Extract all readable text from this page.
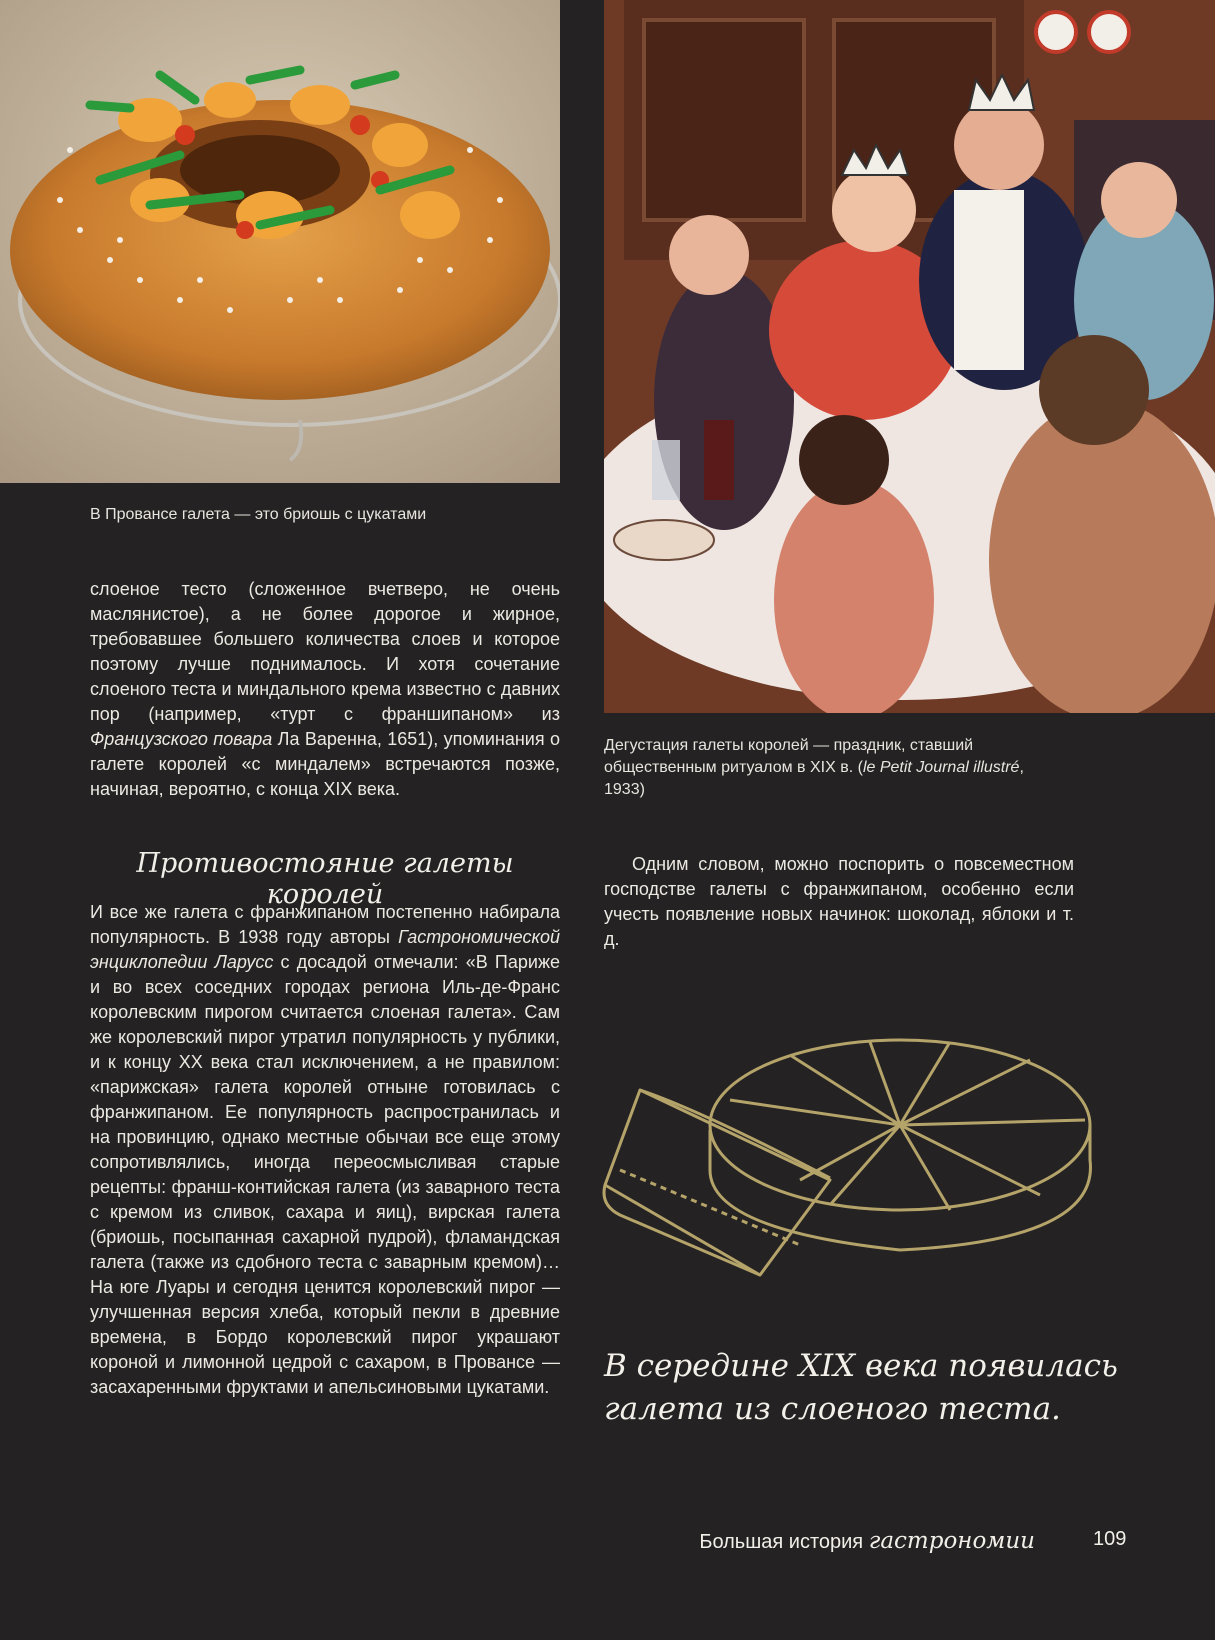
В Провансе галета — это бриошь с цукатами
Дегустация галеты королей — праздник, ставший общественным ритуалом в XIX в. (le Petit Journal illustré, 1933)

слоеное тесто (сложенное вчетверо, не очень маслянистое), а не более дорогое и жирное, требовавшее большего количества слоев и которое поэтому лучше поднималось. И хотя сочетание слоеного теста и миндального крема известно с давних пор (например, «турт с франшипаном» из Французского повара Ла Варенна, 1651), упоминания о галете королей «с миндалем» встречаются позже, начиная, вероятно, с конца XIX века.

Противостояние галеты королей

И все же галета с франжипаном постепенно набирала популярность. В 1938 году авторы Гастрономической энциклопедии Ларусс с досадой отмечали: «В Париже и во всех соседних городах региона Иль-де-Франс королевским пирогом считается слоеная галета». Сам же королевский пирог утратил популярность у публики, и к концу XX века стал исключением, а не правилом: «парижская» галета королей отныне готовилась с франжипаном. Ее популярность распространилась и на провинцию, однако местные обычаи все еще этому сопротивлялись, иногда переосмысливая старые рецепты: франш-контийская галета (из заварного теста с кремом из сливок, сахара и яиц), вирская галета (бриошь, посыпанная сахарной пудрой), фламандская галета (также из сдобного теста с заварным кремом)… На юге Луары и сегодня ценится королевский пирог — улучшенная версия хлеба, который пекли в древние времена, в Бордо королевский пирог украшают короной и лимонной цедрой с сахаром, в Провансе — засахаренными фруктами и апельсиновыми цукатами.

Одним словом, можно поспорить о повсеместном господстве галеты с франжипаном, особенно если учесть появление новых начинок: шоколад, яблоки и т. д.

В середине XIX века появилась галета из слоеного теста.
Большая история гастрономии	109
